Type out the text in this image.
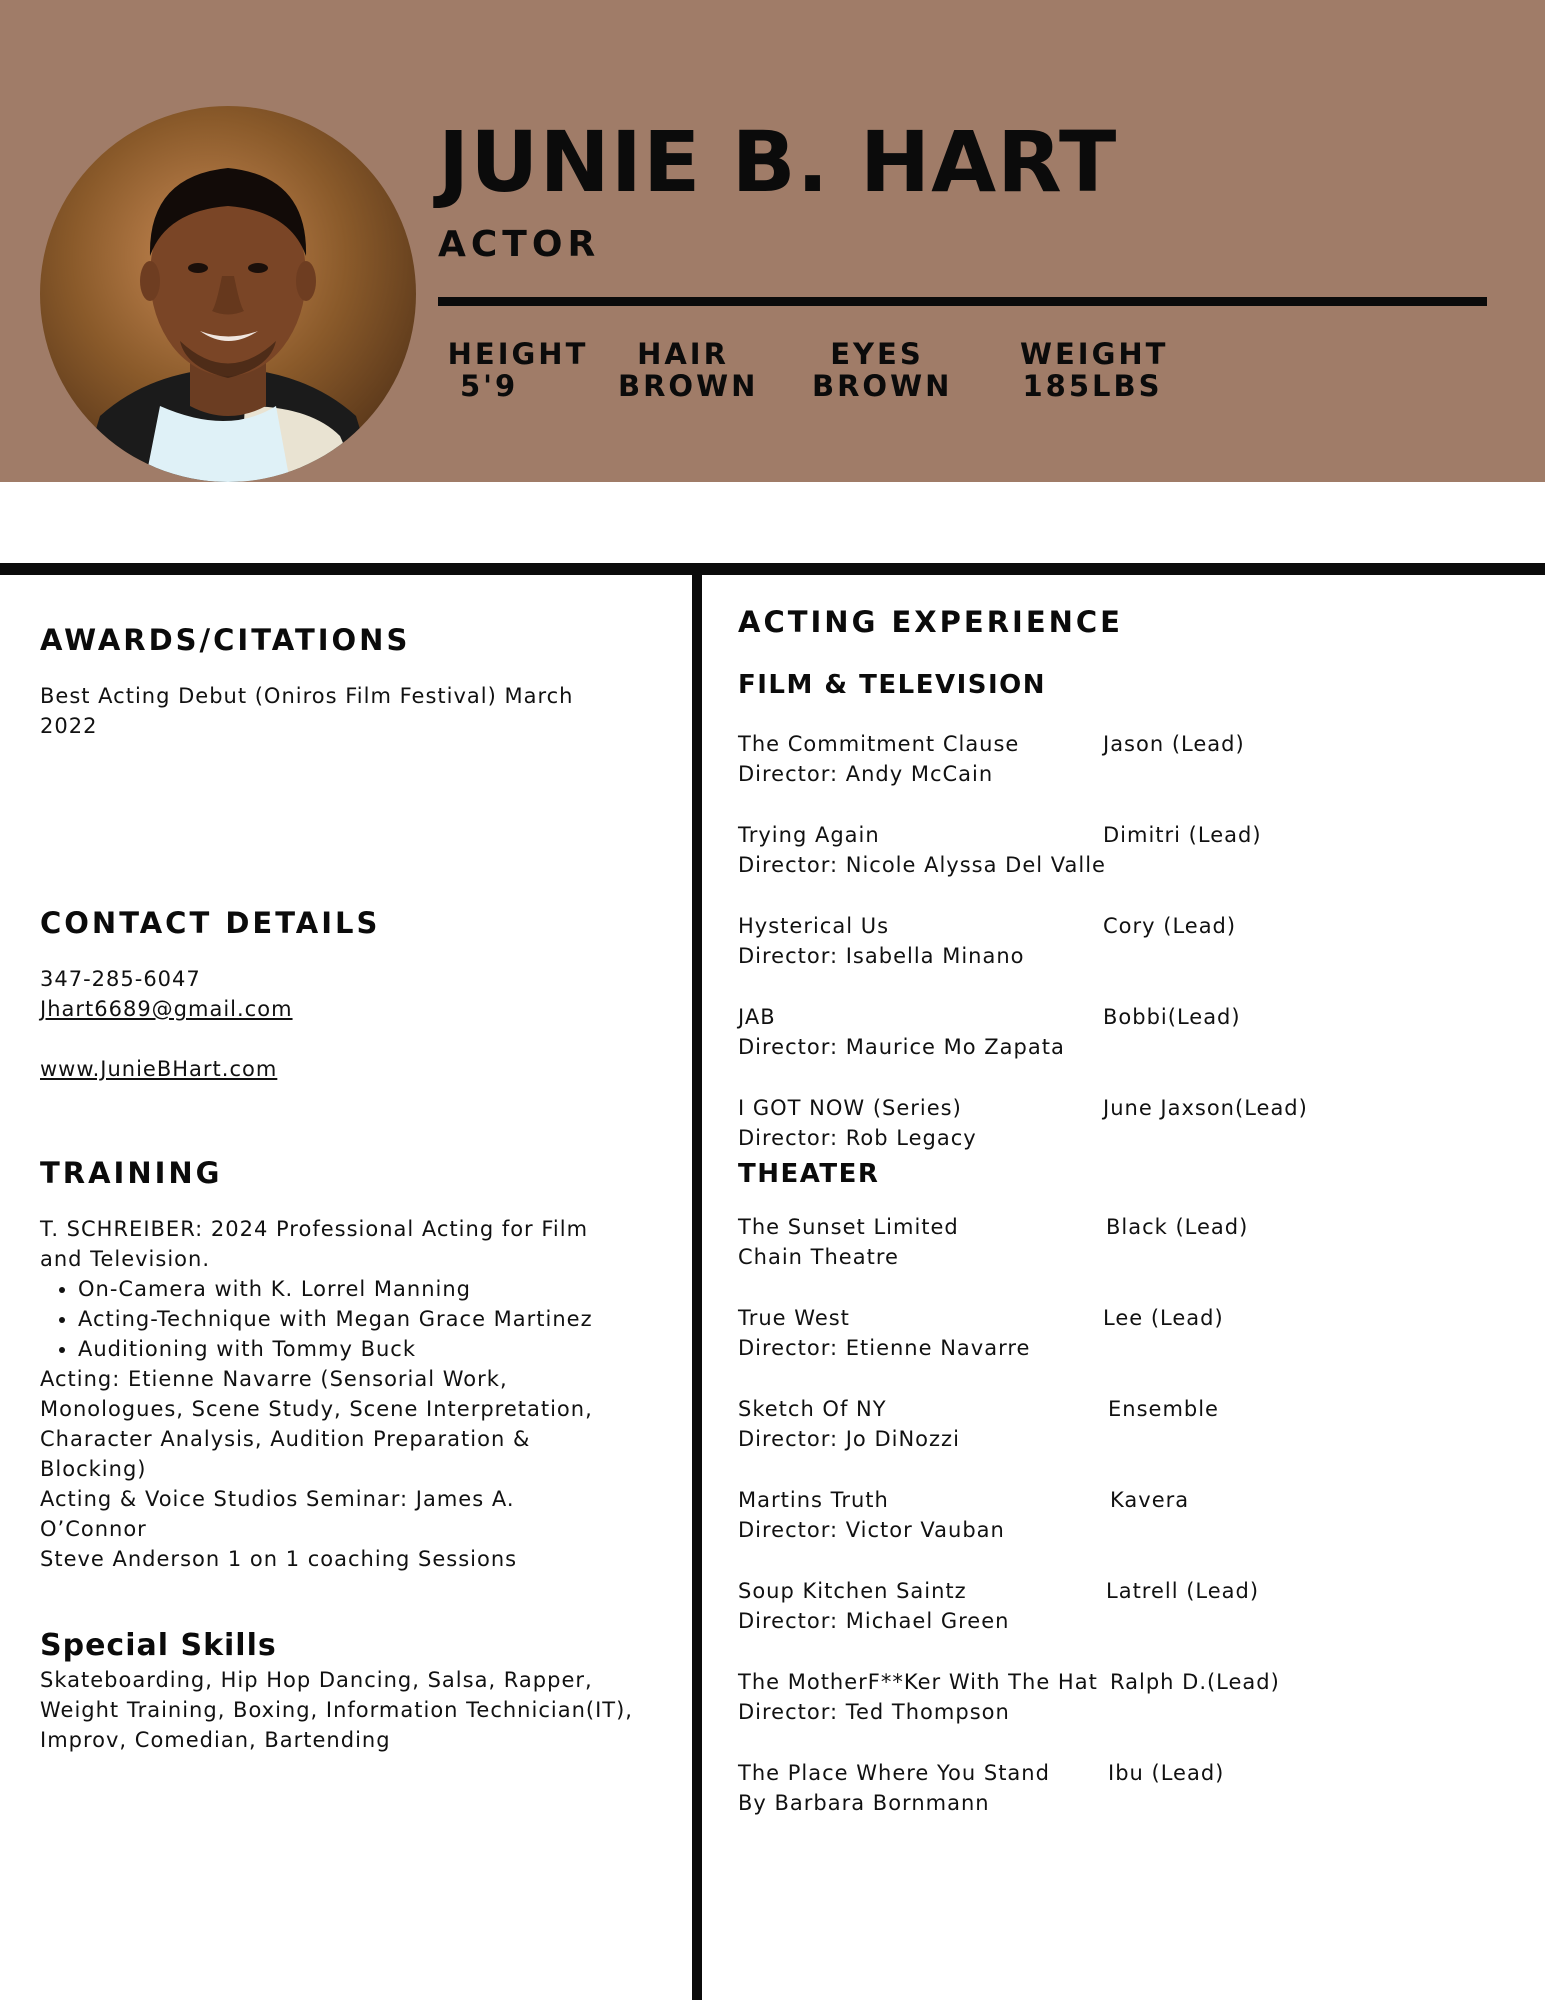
JUNIE B. HART
ACTOR
HEIGHT
5'9
HAIR
BROWN
EYES
BROWN
WEIGHT
185LBS
AWARDS/CITATIONS
Best Acting Debut (Oniros Film Festival) March
2022
CONTACT DETAILS
347-285-6047
Jhart6689@gmail.com
www.JunieBHart.com
TRAINING
T. SCHREIBER: 2024 Professional Acting for Film
and Television.
• On-Camera with K. Lorrel Manning
• Acting-Technique with Megan Grace Martinez
• Auditioning with Tommy Buck
Acting: Etienne Navarre (Sensorial Work,
Monologues, Scene Study, Scene Interpretation,
Character Analysis, Audition Preparation &
Blocking)
Acting & Voice Studios Seminar: James A.
O’Connor
Steve Anderson 1 on 1 coaching Sessions
Special Skills
Skateboarding, Hip Hop Dancing, Salsa, Rapper,
Weight Training, Boxing, Information Technician(IT),
Improv, Comedian, Bartending
ACTING EXPERIENCE
FILM & TELEVISION
The Commitment Clause
Director: Andy McCain
Jason (Lead)
Trying Again
Director: Nicole Alyssa Del Valle
Dimitri (Lead)
Hysterical Us
Director: Isabella Minano
Cory (Lead)
JAB
Director: Maurice Mo Zapata
Bobbi(Lead)
I GOT NOW (Series)
Director: Rob Legacy
June Jaxson(Lead)
THEATER
The Sunset Limited
Chain Theatre
Black (Lead)
True West
Director: Etienne Navarre
Lee (Lead)
Sketch Of NY
Director: Jo DiNozzi
Ensemble
Martins Truth
Director: Victor Vauban
Kavera
Soup Kitchen Saintz
Director: Michael Green
Latrell (Lead)
The MotherF**Ker With The Hat
Director: Ted Thompson
Ralph D.(Lead)
The Place Where You Stand
By Barbara Bornmann
Ibu (Lead)
